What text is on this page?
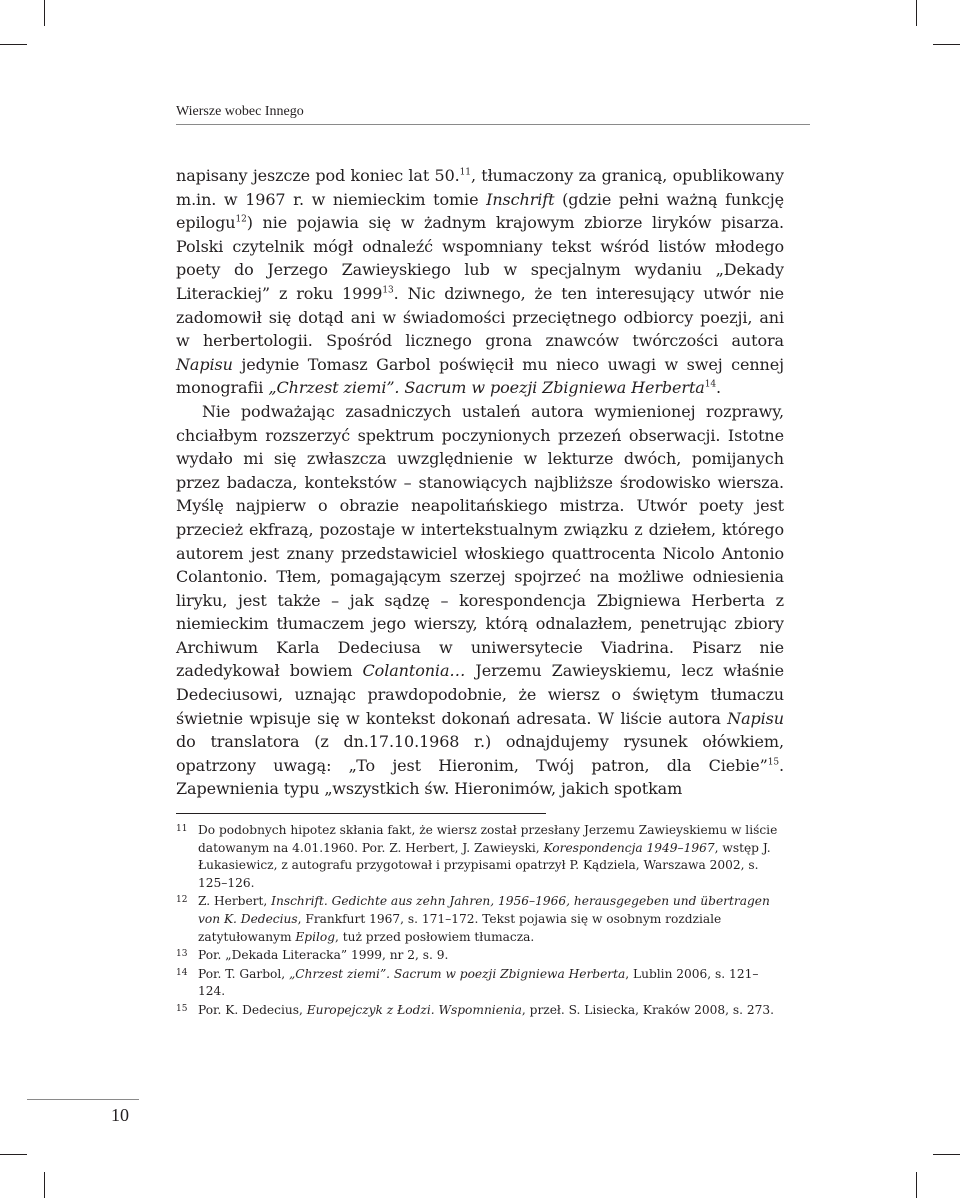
Wiersze wobec Innego

napisany jeszcze pod koniec lat 50.11, tłumaczony za granicą, opublikowany m.in. w 1967 r. w niemieckim tomie Inschrift (gdzie pełni ważną funkcję epilogu$^{12}$) nie pojawia się w żadnym krajowym zbiorze liryków pisarza. Polski czytelnik mógł odnaleźć wspomniany tekst wśród listów młodego poety do Jerzego Zawieyskiego lub w specjalnym wydaniu „Dekady Literackiej” z roku 1999$^{13}$. Nic dziwnego, że ten interesujący utwór nie zadomowił się dotąd ani w świadomości przeciętnego odbiorcy poezji, ani w herbertologii. Spośród licznego grona znawców twórczości autora Napisu jedynie Tomasz Garbol poświęcił mu nieco uwagi w swej cennej monografii „Chrzest ziemi”. Sacrum w poezji Zbigniewa Herberta$^{14}$.

Nie podważając zasadniczych ustaleń autora wymienionej rozprawy, chciałbym rozszerzyć spektrum poczynionych przezeń obserwacji. Istotne wydało mi się zwłaszcza uwzględnienie w lekturze dwóch, pomijanych przez badacza, kontekstów – stanowiących najbliższe środowisko wiersza. Myślę najpierw o obrazie neapolitańskiego mistrza. Utwór poety jest przecież ekfrazą, pozostaje w intertekstualnym związku z dziełem, którego autorem jest znany przedstawiciel włoskiego quattrocenta Nicolo Antonio Colantonio. Tłem, pomagającym szerzej spojrzeć na możliwe odniesienia liryku, jest także – jak sądzę – korespondencja Zbigniewa Herberta z niemieckim tłumaczem jego wierszy, którą odnalazłem, penetrując zbiory Archiwum Karla Dedeciusa w uniwersytecie Viadrina. Pisarz nie zadedykował bowiem Colantonia… Jerzemu Zawieyskiemu, lecz właśnie Dedeciusowi, uznając prawdopodobnie, że wiersz o świętym tłumaczu świetnie wpisuje się w kontekst dokonań adresata. W liście autora Napisu do translatora (z dn.17.10.1968 r.) odnajdujemy rysunek ołówkiem, opatrzony uwagą: „To jest Hieronim, Twój patron, dla Ciebie”$^{15}$. Zapewnienia typu „wszystkich św. Hieronimów, jakich spotkam

11 Do podobnych hipotez skłania fakt, że wiersz został przesłany Jerzemu Zawieyskiemu w liście datowanym na 4.01.1960. Por. Z. Herbert, J. Zawieyski, Korespondencja 1949–1967, wstęp J. Łukasiewicz, z autografu przygotował i przypisami opatrzył P. Kądziela, Warszawa 2002, s. 125–126.
12 Z. Herbert, Inschrift. Gedichte aus zehn Jahren, 1956–1966, herausgegeben und übertragen von K. Dedecius, Frankfurt 1967, s. 171–172. Tekst pojawia się w osobnym rozdziale zatytułowanym Epilog, tuż przed posłowiem tłumacza.
13 Por. „Dekada Literacka” 1999, nr 2, s. 9.
14 Por. T. Garbol, „Chrzest ziemi”. Sacrum w poezji Zbigniewa Herberta, Lublin 2006, s. 121–124.
15 Por. K. Dedecius, Europejczyk z Łodzi. Wspomnienia, przeł. S. Lisiecka, Kraków 2008, s. 273.
10
